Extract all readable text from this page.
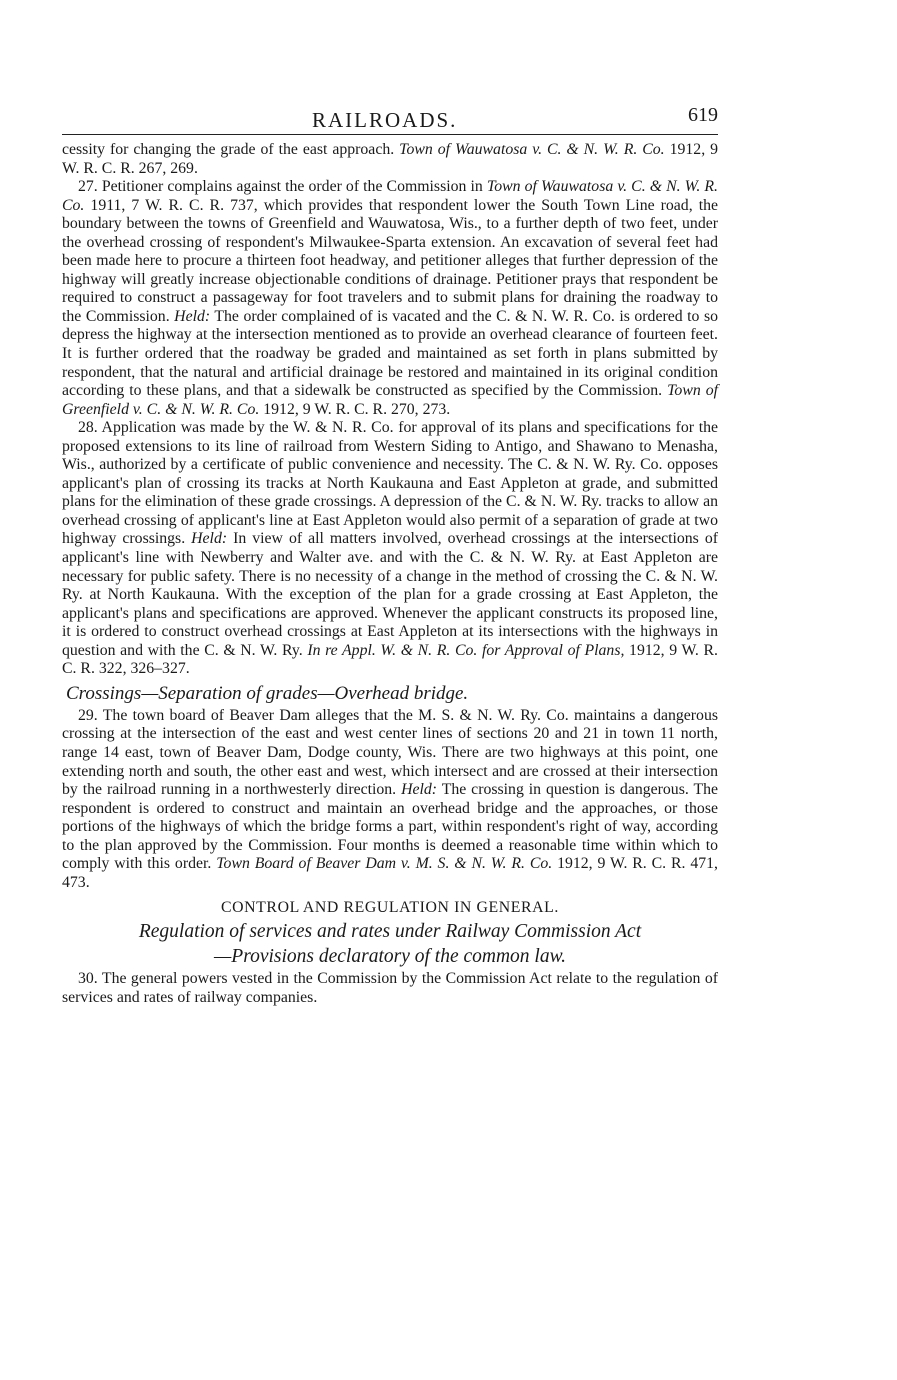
RAILROADS.	619

cessity for changing the grade of the east approach. Town of Wauwatosa v. C. & N. W. R. Co. 1912, 9 W. R. C. R. 267, 269.

27. Petitioner complains against the order of the Commission in Town of Wauwatosa v. C. & N. W. R. Co. 1911, 7 W. R. C. R. 737, which provides that respondent lower the South Town Line road, the boundary between the towns of Greenfield and Wauwatosa, Wis., to a further depth of two feet, under the overhead crossing of respondent's Milwaukee-Sparta extension. An excavation of several feet had been made here to procure a thirteen foot headway, and petitioner alleges that further depression of the highway will greatly increase objectionable conditions of drainage. Petitioner prays that respondent be required to construct a passageway for foot travelers and to submit plans for draining the roadway to the Commission. Held: The order complained of is vacated and the C. & N. W. R. Co. is ordered to so depress the highway at the intersection mentioned as to provide an overhead clearance of fourteen feet. It is further ordered that the roadway be graded and maintained as set forth in plans submitted by respondent, that the natural and artificial drainage be restored and maintained in its original condition according to these plans, and that a sidewalk be constructed as specified by the Commission. Town of Greenfield v. C. & N. W. R. Co. 1912, 9 W. R. C. R. 270, 273.

28. Application was made by the W. & N. R. Co. for approval of its plans and specifications for the proposed extensions to its line of railroad from Western Siding to Antigo, and Shawano to Menasha, Wis., authorized by a certificate of public convenience and necessity. The C. & N. W. Ry. Co. opposes applicant's plan of crossing its tracks at North Kaukauna and East Appleton at grade, and submitted plans for the elimination of these grade crossings. A depression of the C. & N. W. Ry. tracks to allow an overhead crossing of applicant's line at East Appleton would also permit of a separation of grade at two highway crossings. Held: In view of all matters involved, overhead crossings at the intersections of applicant's line with Newberry and Walter ave. and with the C. & N. W. Ry. at East Appleton are necessary for public safety. There is no necessity of a change in the method of crossing the C. & N. W. Ry. at North Kaukauna. With the exception of the plan for a grade crossing at East Appleton, the applicant's plans and specifications are approved. Whenever the applicant constructs its proposed line, it is ordered to construct overhead crossings at East Appleton at its intersections with the highways in question and with the C. & N. W. Ry. In re Appl. W. & N. R. Co. for Approval of Plans, 1912, 9 W. R. C. R. 322, 326–327.

Crossings—Separation of grades—Overhead bridge.

29. The town board of Beaver Dam alleges that the M. S. & N. W. Ry. Co. maintains a dangerous crossing at the intersection of the east and west center lines of sections 20 and 21 in town 11 north, range 14 east, town of Beaver Dam, Dodge county, Wis. There are two highways at this point, one extending north and south, the other east and west, which intersect and are crossed at their intersection by the railroad running in a northwesterly direction. Held: The crossing in question is dangerous. The respondent is ordered to construct and maintain an overhead bridge and the approaches, or those portions of the highways of which the bridge forms a part, within respondent's right of way, according to the plan approved by the Commission. Four months is deemed a reasonable time within which to comply with this order. Town Board of Beaver Dam v. M. S. & N. W. R. Co. 1912, 9 W. R. C. R. 471, 473.

CONTROL AND REGULATION IN GENERAL.
Regulation of services and rates under Railway Commission Act
—Provisions declaratory of the common law.

30. The general powers vested in the Commission by the Commission Act relate to the regulation of services and rates of railway companies.
